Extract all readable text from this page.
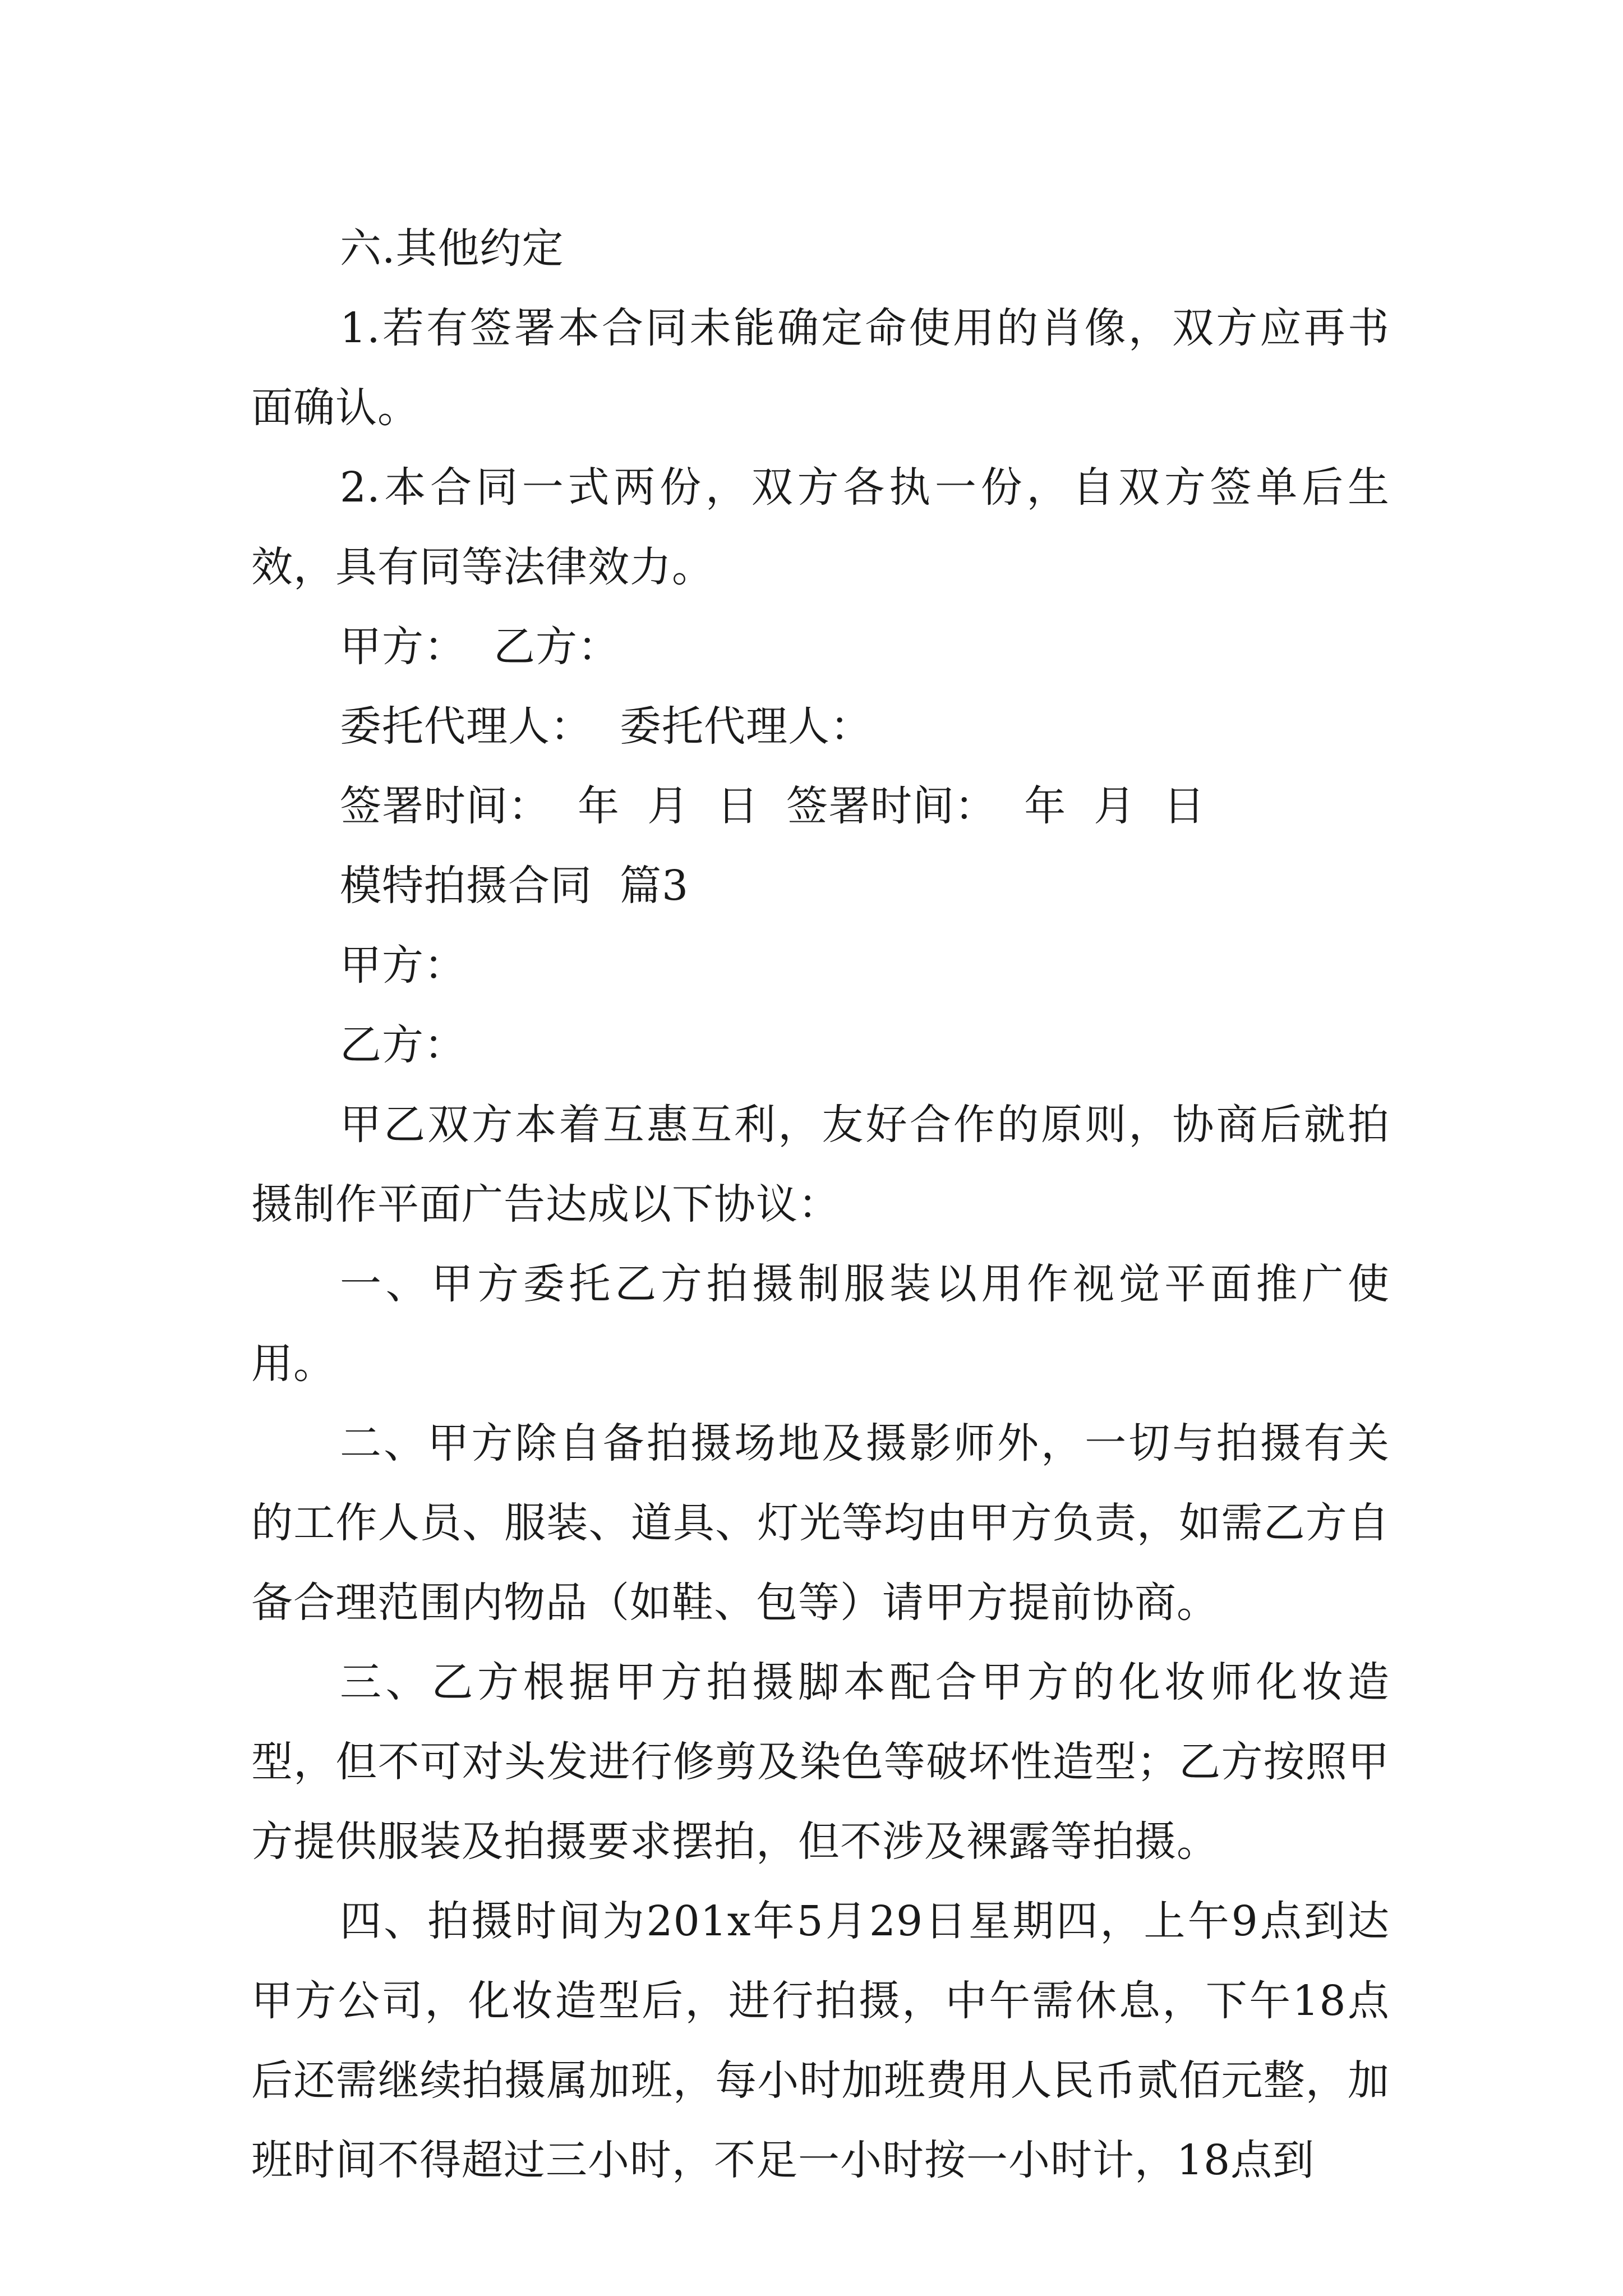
六.其他约定

1.若有签署本合同未能确定命使用的肖像，双方应再书面确认。

2.本合同一式两份，双方各执一份，自双方签单后生效，具有同等法律效力。

甲方：  乙方：

委托代理人：  委托代理人：

签署时间：  年  月  日  签署时间：  年  月  日

模特拍摄合同  篇3

甲方：

乙方：

甲乙双方本着互惠互利，友好合作的原则，协商后就拍摄制作平面广告达成以下协议：

一、甲方委托乙方拍摄制服装以用作视觉平面推广使用。

二、甲方除自备拍摄场地及摄影师外，一切与拍摄有关的工作人员、服装、道具、灯光等均由甲方负责，如需乙方自备合理范围内物品（如鞋、包等）请甲方提前协商。

三、乙方根据甲方拍摄脚本配合甲方的化妆师化妆造型，但不可对头发进行修剪及染色等破坏性造型；乙方按照甲方提供服装及拍摄要求摆拍，但不涉及裸露等拍摄。

四、拍摄时间为201x年5月29日星期四，上午9点到达甲方公司，化妆造型后，进行拍摄，中午需休息，下午18点后还需继续拍摄属加班，每小时加班费用人民币贰佰元整，加班时间不得超过三小时，不足一小时按一小时计，18点到
